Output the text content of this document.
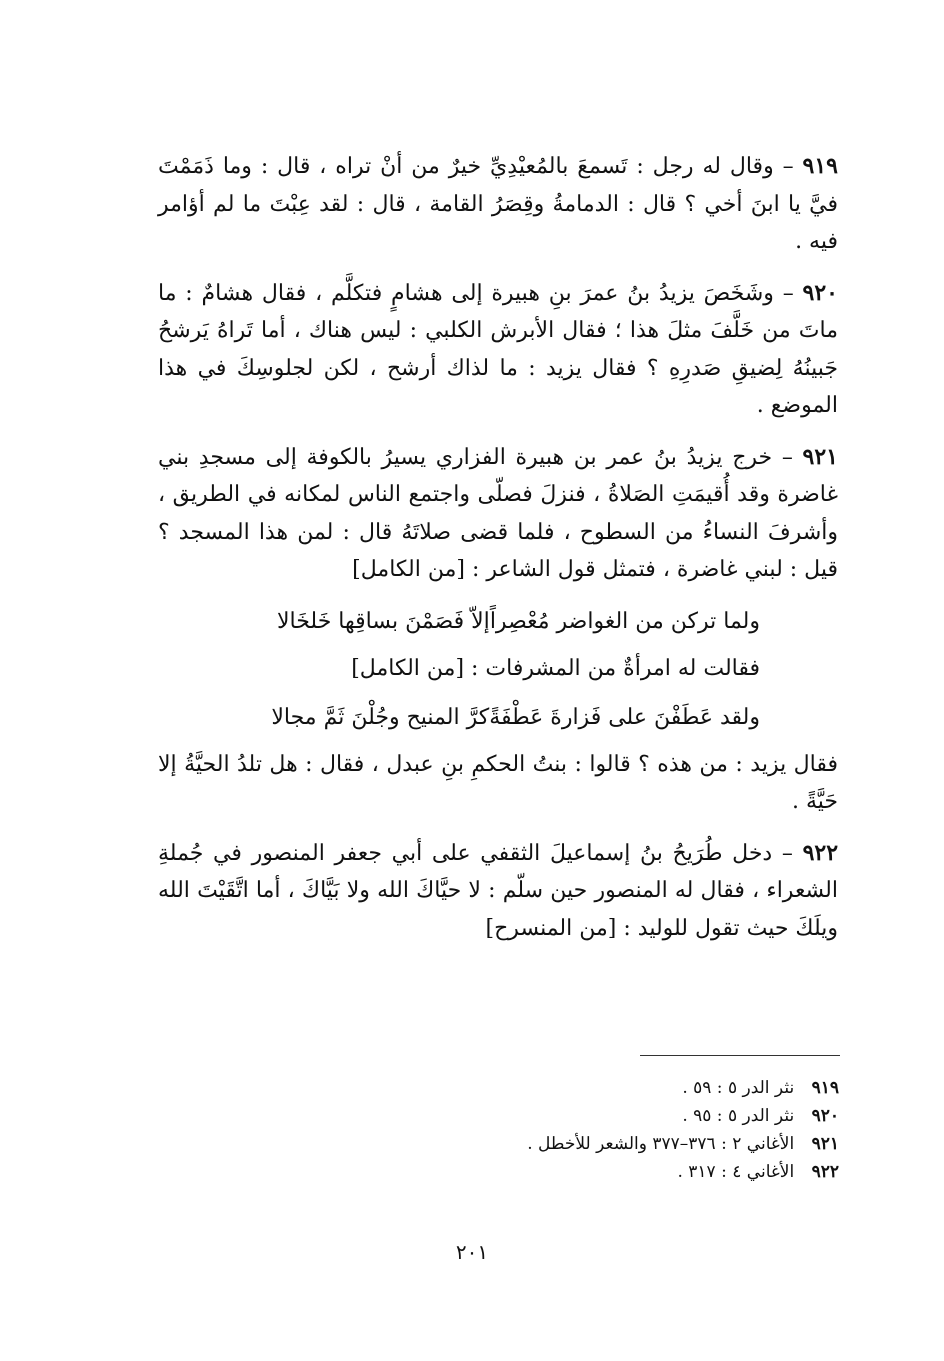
٩١٩ – وقال له رجل : تَسمعَ بالمُعيْدِيِّ خيرٌ من أنْ تراه ، قال : وما ذَمَمْتَ فيَّ يا ابنَ أخي ؟ قال : الدمامةُ وقِصَرُ القامة ، قال : لقد عِبْتَ ما لم أؤامر فيه .

٩٢٠ – وشَخَصَ يزيدُ بنُ عمرَ بنِ هبيرة إلى هشامٍ فتكلَّم ، فقال هشامٌ : ما ماتَ من خَلَّفَ مثلَ هذا ؛ فقال الأبرش الكلبي : ليس هناك ، أما تَراهُ يَرشحُ جَبينُهُ لِضيقِ صَدرِهِ ؟ فقال يزيد : ما لذاك أرشح ، لكن لجلوسِكَ في هذا الموضع .

٩٢١ – خرج يزيدُ بنُ عمر بن هبيرة الفزاري يسيرُ بالكوفة إلى مسجدِ بني غاضرة وقد أُقيمَتِ الصَلاةُ ، فنزلَ فصلّى واجتمع الناس لمكانه في الطريق ، وأشرفَ النساءُ من السطوح ، فلما قضى صلاتَهُ قال : لمن هذا المسجد ؟ قيل : لبني غاضرة ، فتمثل قول الشاعر : [من الكامل]

ولما تركن من الغواضر مُعْصِراً
إلاّ فَصَمْنَ بساقِها خَلخَالا

فقالت له امرأةٌ من المشرفات : [من الكامل]

ولقد عَطَفْنَ على فَزارةَ عَطْفَةً
كرَّ المنيح وجُلْنَ ثَمَّ مجالا

فقال يزيد : من هذه ؟ قالوا : بنتُ الحكمِ بنِ عبدل ، فقال : هل تلدُ الحيَّةُ إلا حَيَّةً .

٩٢٢ – دخل طُرَيحُ بنُ إسماعيلَ الثقفي على أبي جعفر المنصور في جُملةِ الشعراء ، فقال له المنصور حين سلّم : لا حيَّاكَ الله ولا بَيَّاكَ ، أما اتَّقَيْتَ الله ويلَكَ حيث تقول للوليد : [من المنسرح]

٩١٩ نثر الدر ٥ : ٥٩ .
٩٢٠ نثر الدر ٥ : ٩٥ .
٩٢١ الأغاني ٢ : ٣٧٦–٣٧٧ والشعر للأخطل .
٩٢٢ الأغاني ٤ : ٣١٧ .
٢٠١
